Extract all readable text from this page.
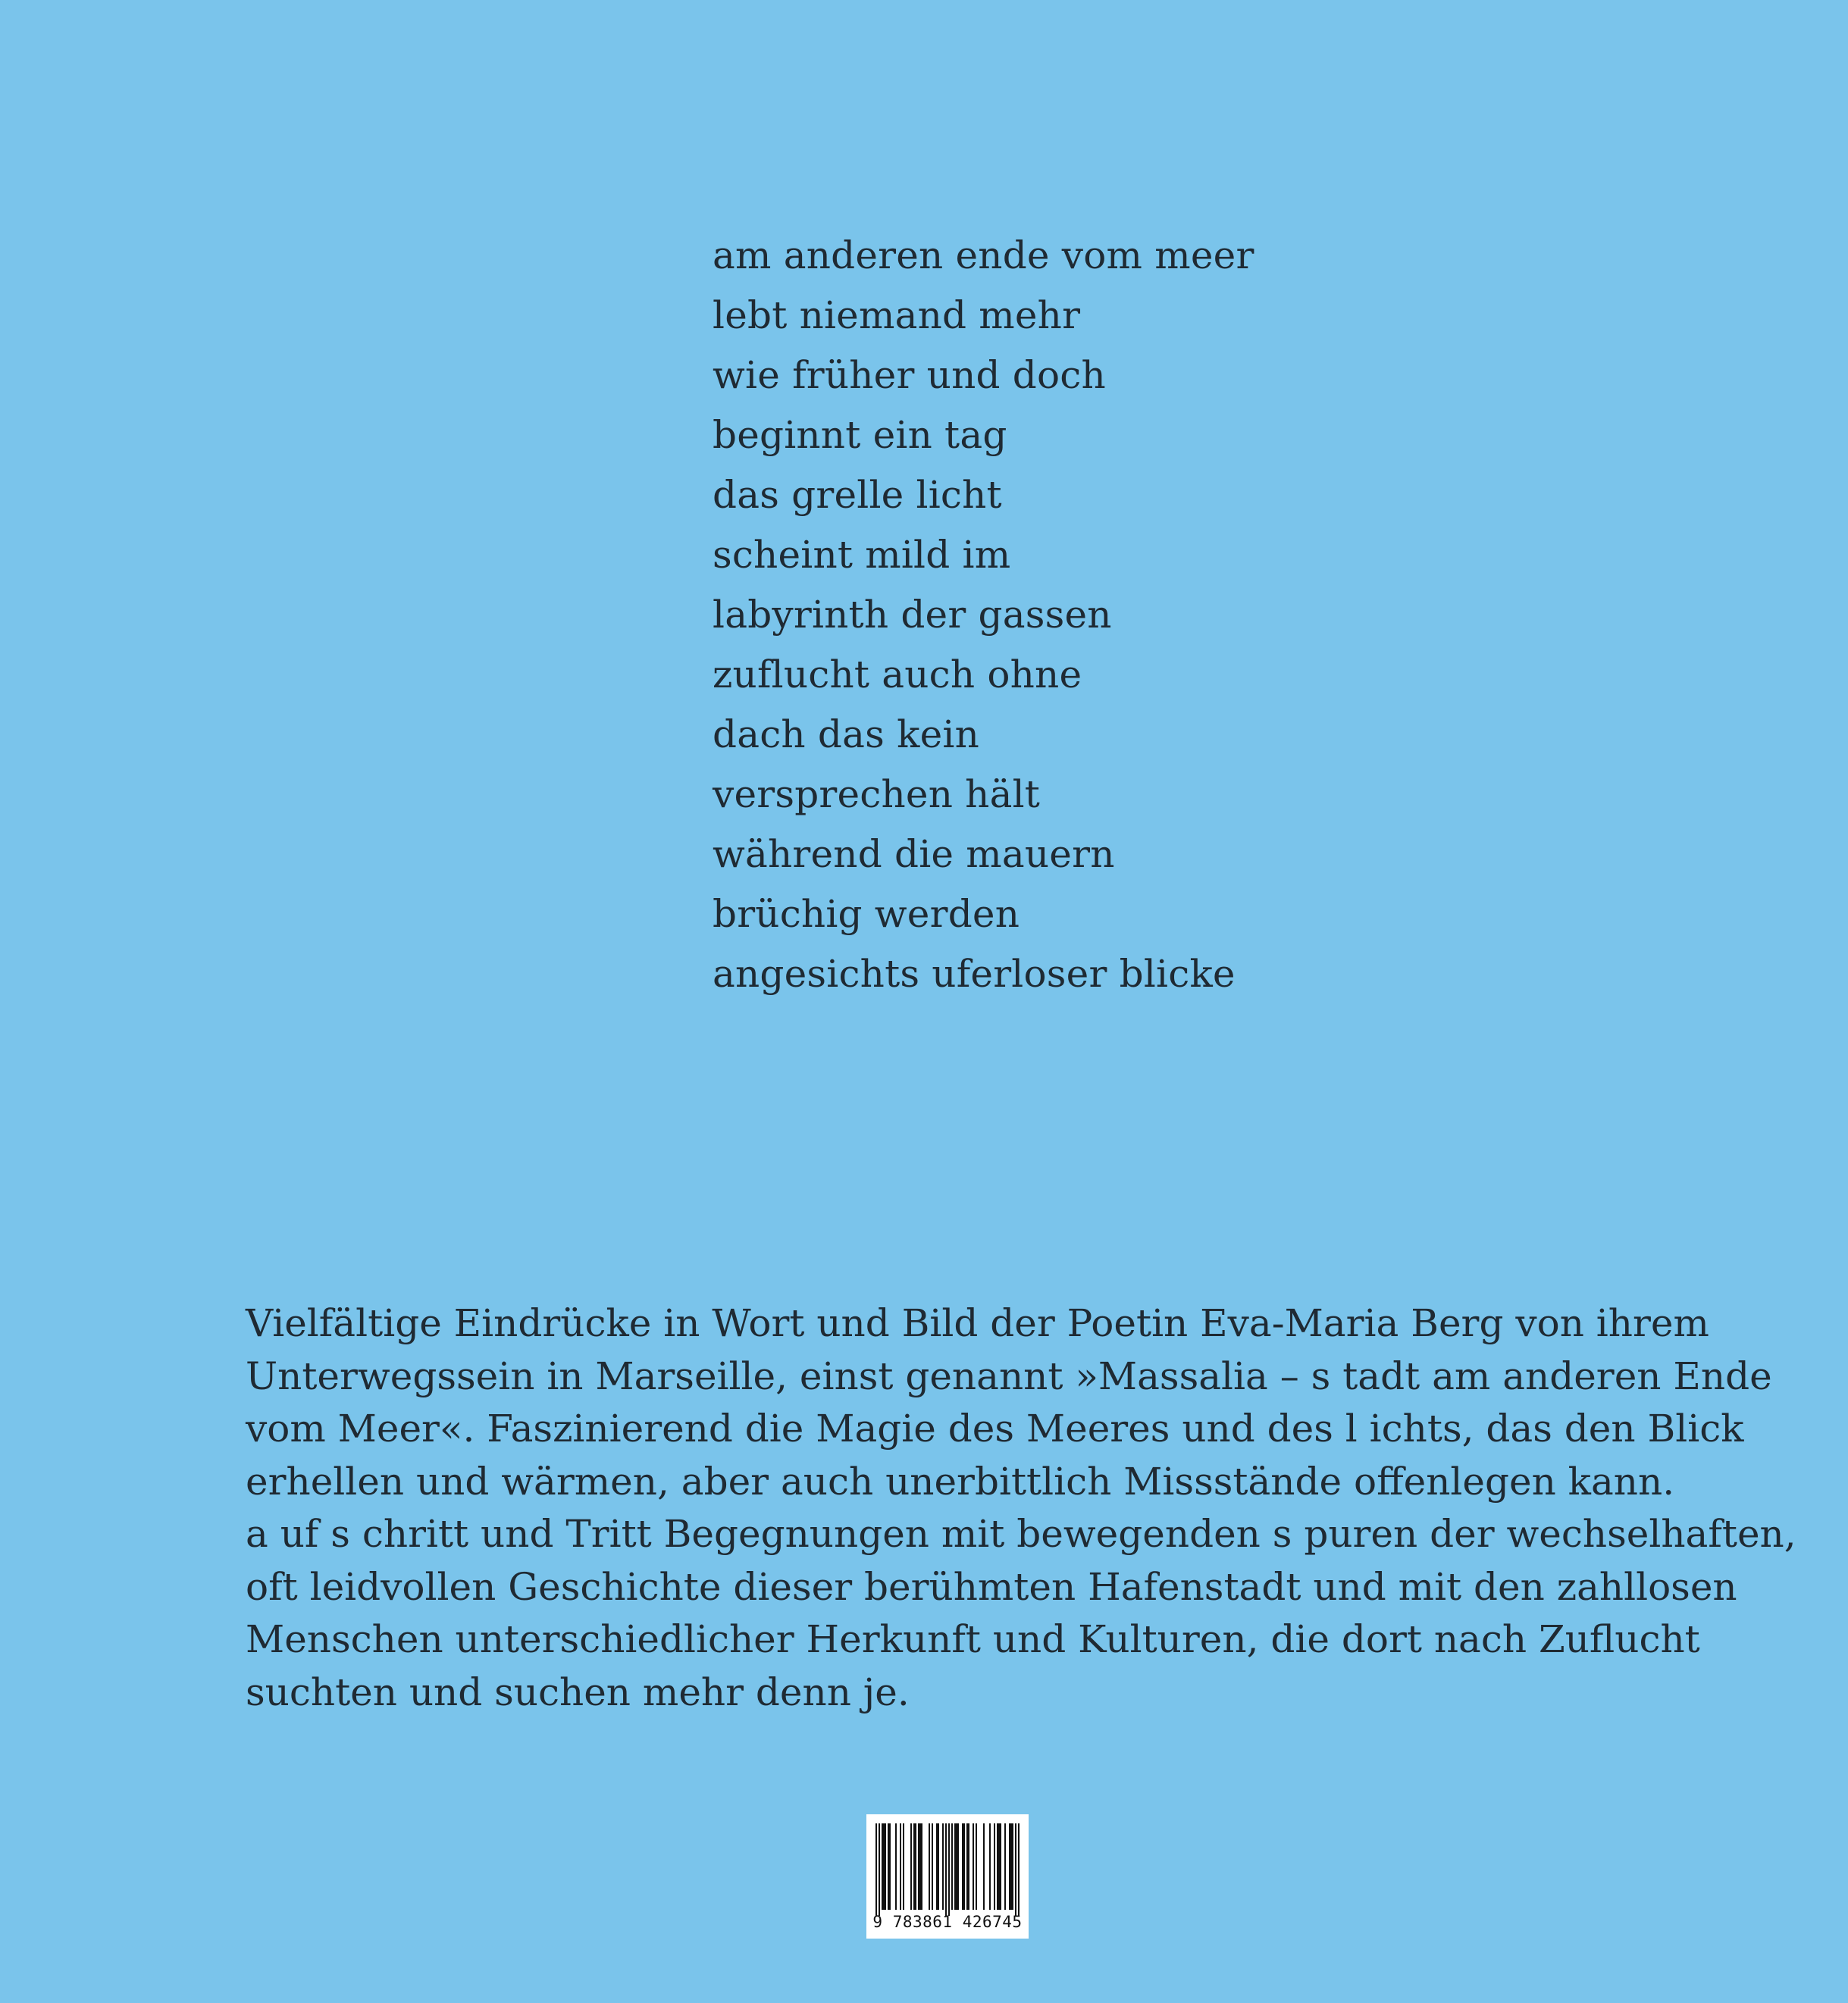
am anderen ende vom meer
lebt niemand mehr
wie früher und doch
beginnt ein tag
das grelle licht
scheint mild im
labyrinth der gassen
zuflucht auch ohne
dach das kein
versprechen hält
während die mauern
brüchig werden
angesichts uferloser blicke
Vielfältige Eindrücke in Wort und Bild der Poetin Eva-Maria Berg von ihrem
Unterwegssein in Marseille, einst genannt »Massalia – s tadt am anderen Ende
vom Meer«. Faszinierend die Magie des Meeres und des l ichts, das den Blick
erhellen und wärmen, aber auch unerbittlich Missstände offenlegen kann.
a uf s chritt und Tritt Begegnungen mit bewegenden s puren der wechselhaften,
oft leidvollen Geschichte dieser berühmten Hafenstadt und mit den zahllosen
Menschen unterschiedlicher Herkunft und Kulturen, die dort nach Zuflucht
suchten und suchen mehr denn je.
9 783861 426745
